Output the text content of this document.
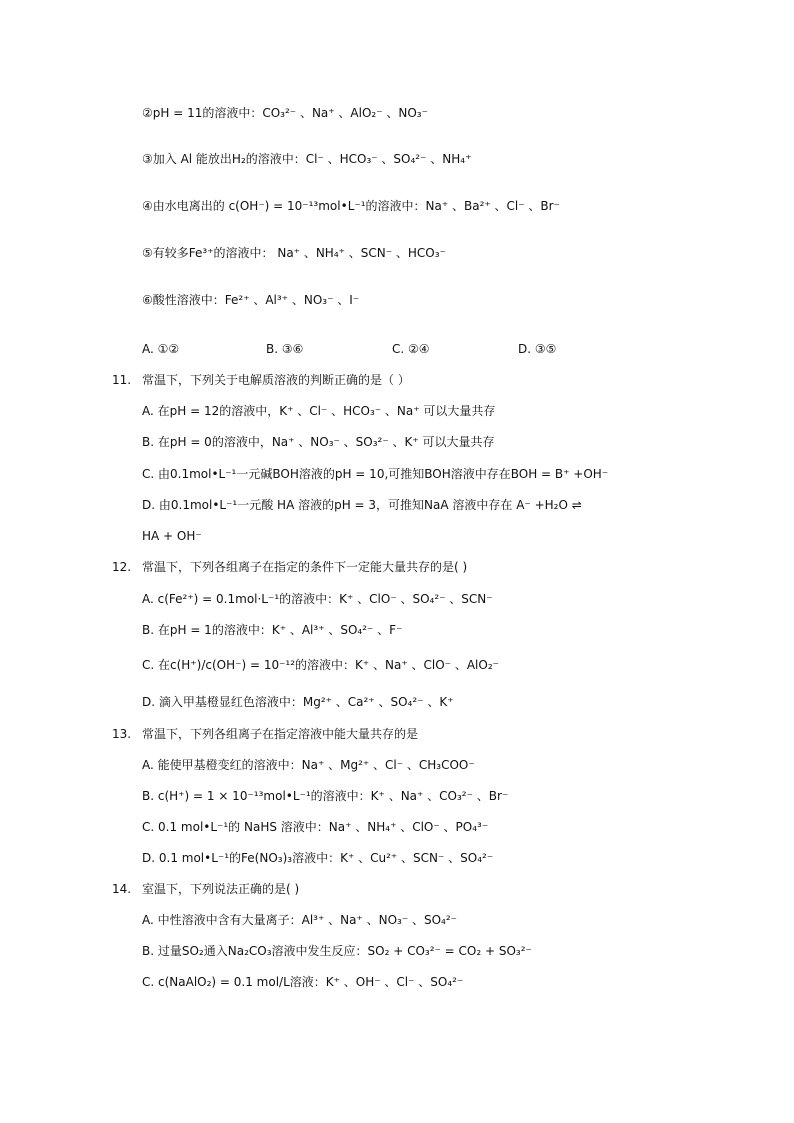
②pH = 11的溶液中：CO₃²⁻ 、Na⁺ 、AlO₂⁻ 、NO₃⁻
③加入 Al 能放出H₂的溶液中：Cl⁻ 、HCO₃⁻ 、SO₄²⁻ 、NH₄⁺
④由水电离出的 c(OH⁻) = 10⁻¹³mol•L⁻¹的溶液中：Na⁺ 、Ba²⁺ 、Cl⁻ 、Br⁻
⑤有较多Fe³⁺的溶液中： Na⁺ 、NH₄⁺ 、SCN⁻ 、HCO₃⁻
⑥酸性溶液中：Fe²⁺ 、Al³⁺ 、NO₃⁻ 、I⁻
A. ①②	B. ③⑥	C. ②④	D. ③⑤
11. 常温下，下列关于电解质溶液的判断正确的是（ ）
A. 在pH = 12的溶液中，K⁺ 、Cl⁻ 、HCO₃⁻ 、Na⁺ 可以大量共存
B. 在pH = 0的溶液中，Na⁺ 、NO₃⁻ 、SO₃²⁻ 、K⁺ 可以大量共存
C. 由0.1mol•L⁻¹一元碱BOH溶液的pH = 10,可推知BOH溶液中存在BOH = B⁺ +OH⁻
D. 由0.1mol•L⁻¹一元酸 HA 溶液的pH = 3，可推知NaA 溶液中存在 A⁻ +H₂O ⇌
HA + OH⁻
12. 常温下，下列各组离子在指定的条件下一定能大量共存的是( )
A. c(Fe²⁺) = 0.1mol·L⁻¹的溶液中：K⁺ 、ClO⁻ 、SO₄²⁻ 、SCN⁻
B. 在pH = 1的溶液中：K⁺ 、Al³⁺ 、SO₄²⁻ 、F⁻
C. 在c(H⁺)/c(OH⁻) = 10⁻¹²的溶液中：K⁺ 、Na⁺ 、ClO⁻ 、AlO₂⁻
D. 滴入甲基橙显红色溶液中：Mg²⁺ 、Ca²⁺ 、SO₄²⁻ 、K⁺
13. 常温下，下列各组离子在指定溶液中能大量共存的是
A. 能使甲基橙变红的溶液中：Na⁺ 、Mg²⁺ 、Cl⁻ 、CH₃COO⁻
B. c(H⁺) = 1 × 10⁻¹³mol•L⁻¹的溶液中：K⁺ 、Na⁺ 、CO₃²⁻ 、Br⁻
C. 0.1 mol•L⁻¹的 NaHS 溶液中：Na⁺ 、NH₄⁺ 、ClO⁻ 、PO₄³⁻
D. 0.1 mol•L⁻¹的Fe(NO₃)₃溶液中：K⁺ 、Cu²⁺ 、SCN⁻ 、SO₄²⁻
14. 室温下，下列说法正确的是( )
A. 中性溶液中含有大量离子：Al³⁺ 、Na⁺ 、NO₃⁻ 、SO₄²⁻
B. 过量SO₂通入Na₂CO₃溶液中发生反应：SO₂ + CO₃²⁻ = CO₂ + SO₃²⁻
C. c(NaAlO₂) = 0.1 mol/L溶液：K⁺ 、OH⁻ 、Cl⁻ 、SO₄²⁻
